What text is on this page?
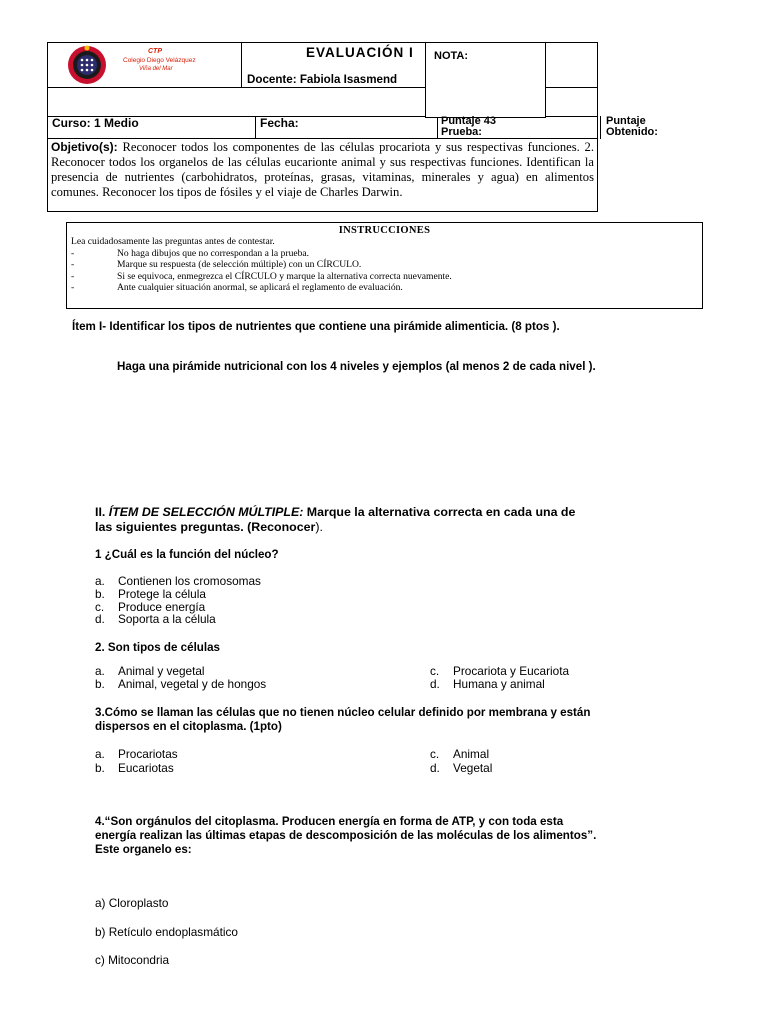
CTP
Colegio Diego Velázquez
Viña del Mar
EVALUACIÓN I
Docente: Fabiola Isasmend
NOTA:
Curso: 1 Medio	Fecha:	Puntaje 43
Prueba:
Puntaje
Obtenido:
Objetivo(s): Reconocer todos los componentes de las células procariota y sus respectivas funciones. 2. Reconocer todos los organelos de las células eucarionte animal y sus respectivas funciones. Identifican la presencia de nutrientes (carbohidratos, proteínas, grasas, vitaminas, minerales y agua) en alimentos comunes. Reconocer los tipos de fósiles y el viaje de Charles Darwin.
INSTRUCCIONES
Lea cuidadosamente las preguntas antes de contestar.
-	No haga dibujos que no correspondan a la prueba.
-	Marque su respuesta (de selección múltiple) con un CÍRCULO.
-	Si se equivoca, enmegrezca el CÍRCULO y marque la alternativa correcta nuevamente.
-	Ante cualquier situación anormal, se aplicará el reglamento de evaluación.
Ítem I- Identificar los tipos de nutrientes que contiene una pirámide alimenticia. (8 ptos ).
Haga una pirámide nutricional con los 4 niveles y ejemplos (al menos 2 de cada nivel ).
II. ÍTEM DE SELECCIÓN MÚLTIPLE: Marque la alternativa correcta en cada una de
las siguientes preguntas. (Reconocer).
1 ¿Cuál es la función del núcleo?
a. Contienen los cromosomas
b. Protege la célula
c. Produce energía
d. Soporta a la célula
2. Son tipos de células
a. Animal y vegetal
b. Animal, vegetal y de hongos
c. Procariota y Eucariota
d. Humana y animal
3.Cómo se llaman las células que no tienen núcleo celular definido por membrana y están
dispersos en el citoplasma. (1pto)
a. Procariotas
b. Eucariotas
c. Animal
d. Vegetal
4.“Son orgánulos del citoplasma. Producen energía en forma de ATP, y con toda esta
energía realizan las últimas etapas de descomposición de las moléculas de los alimentos”.
Este organelo es:
a) Cloroplasto
b) Retículo endoplasmático
c) Mitocondria
